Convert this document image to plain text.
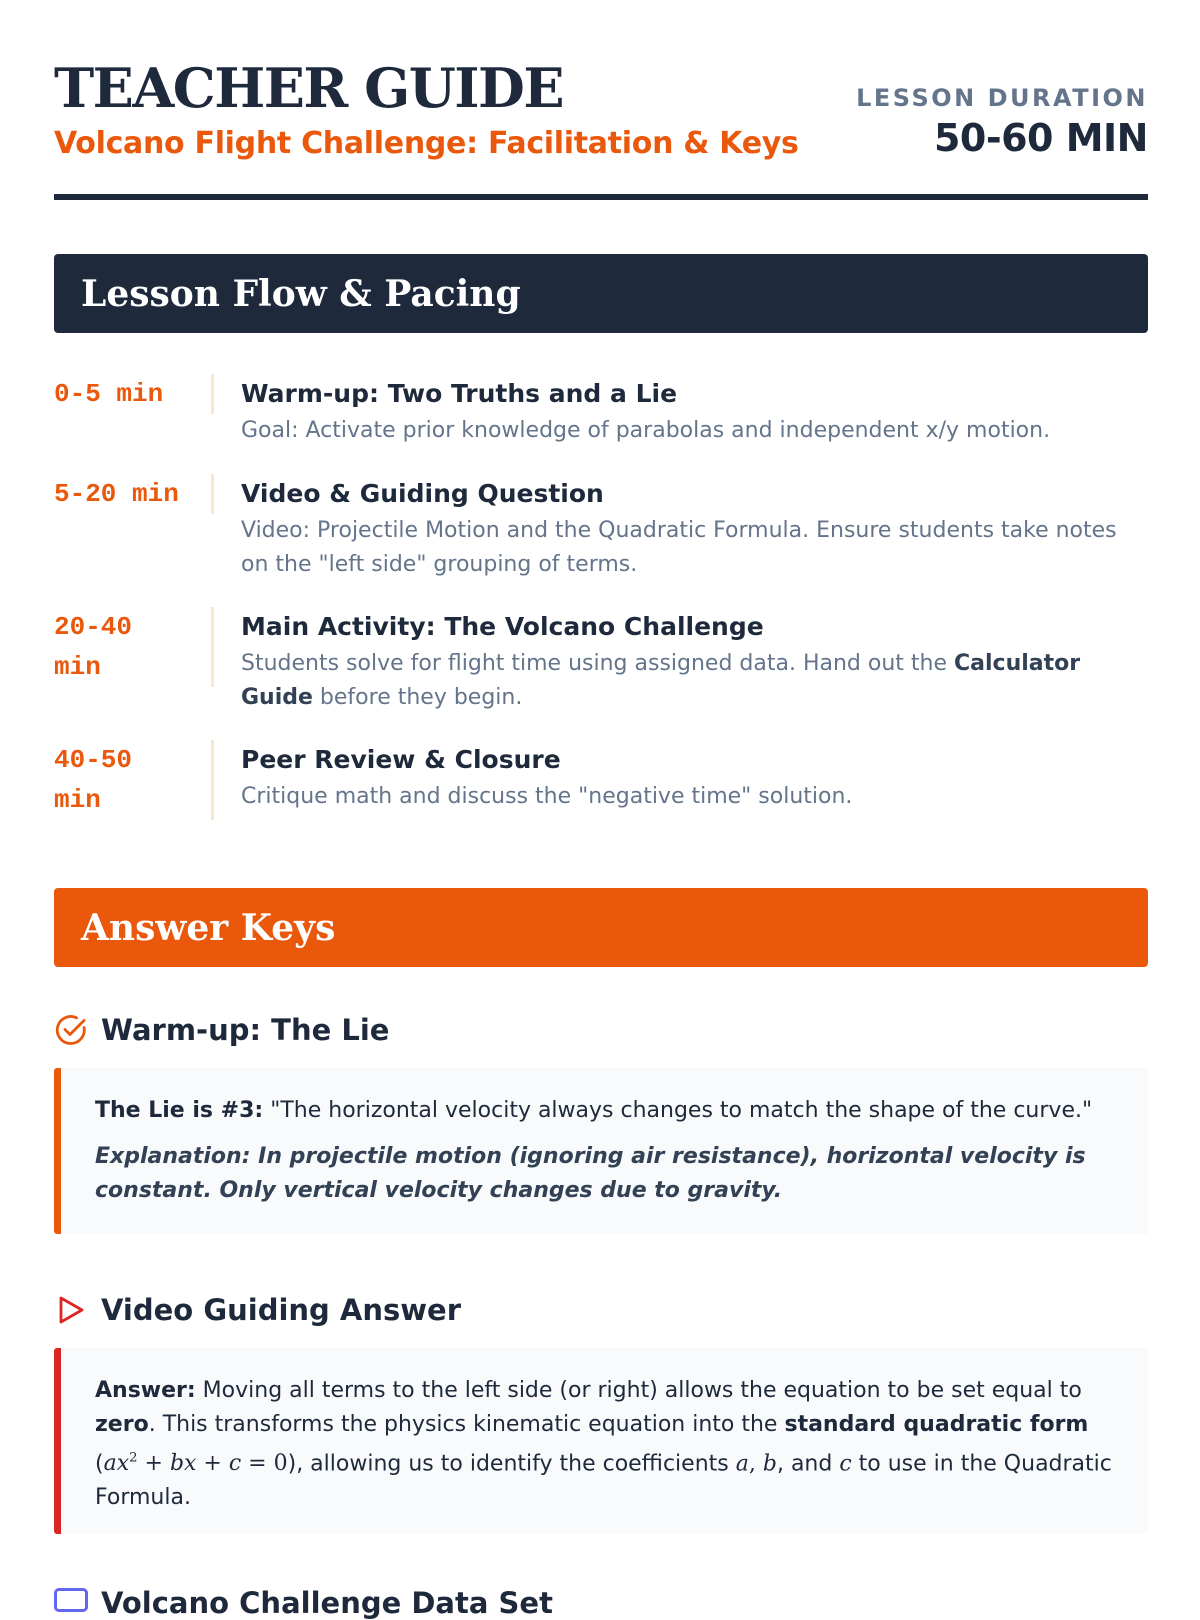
TEACHER GUIDE
Volcano Flight Challenge: Facilitation & Keys
LESSON DURATION
50-60 MIN
Lesson Flow & Pacing
0-5 min	Warm-up: Two Truths and a Lie
Goal: Activate prior knowledge of parabolas and independent x/y motion.
5-20 min	Video & Guiding Question
Video: Projectile Motion and the Quadratic Formula. Ensure students take notes on the "left side" grouping of terms.
20-40
min
Main Activity: The Volcano Challenge
Students solve for flight time using assigned data. Hand out the Calculator Guide before they begin.
40-50
min
Peer Review & Closure
Critique math and discuss the "negative time" solution.
Answer Keys
Warm-up: The Lie

The Lie is #3: "The horizontal velocity always changes to match the shape of the curve."

Explanation: In projectile motion (ignoring air resistance), horizontal velocity is constant. Only vertical velocity changes due to gravity.

Video Guiding Answer

Answer: Moving all terms to the left side (or right) allows the equation to be set equal to zero. This transforms the physics kinematic equation into the standard quadratic form ($ax^2$ + bx + c = 0), allowing us to identify the coefficients a, b, and c to use in the Quadratic Formula.

Volcano Challenge Data Set
